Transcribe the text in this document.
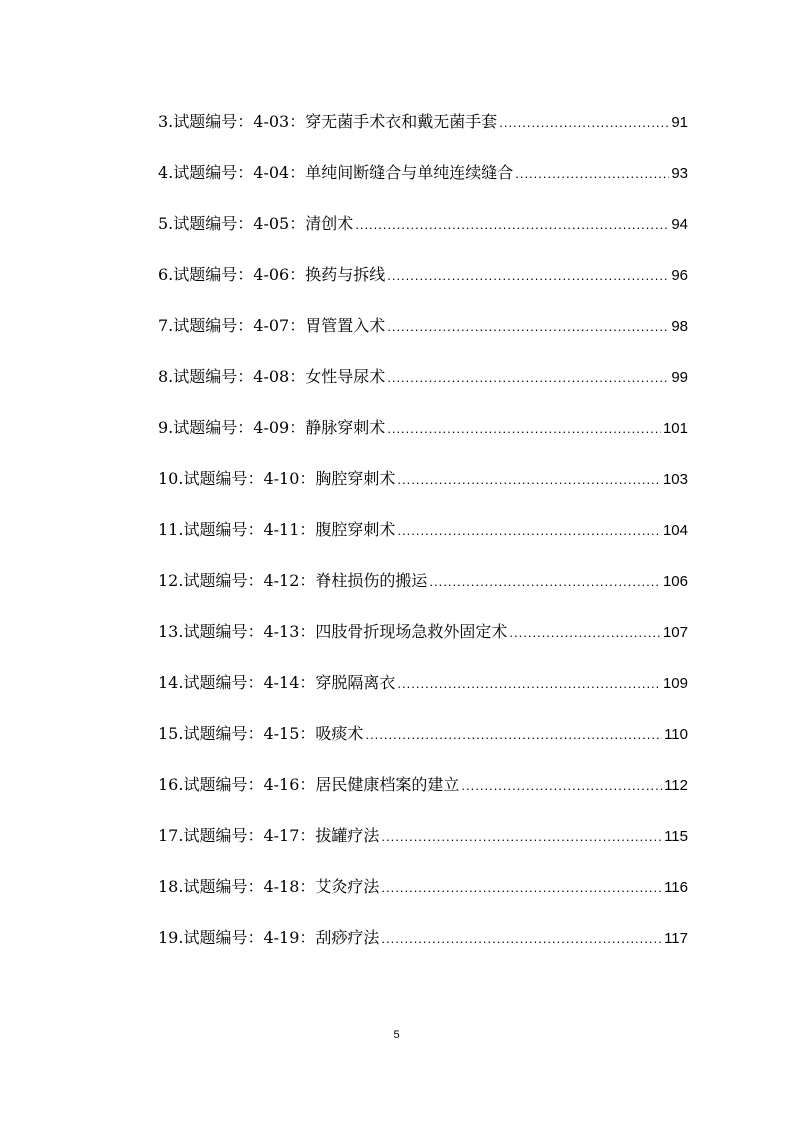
3.试题编号：4-03：穿无菌手术衣和戴无菌手套 .....	91
4.试题编号：4-04：单纯间断缝合与单纯连续缝合 .....	93
5.试题编号：4-05：清创术 .....	94
6.试题编号：4-06：换药与拆线 .....	96
7.试题编号：4-07：胃管置入术 .....	98
8.试题编号：4-08：女性导尿术 .....	99
9.试题编号：4-09：静脉穿刺术 .....	101
10.试题编号：4-10：胸腔穿刺术 .....	103
11.试题编号：4-11：腹腔穿刺术 .....	104
12.试题编号：4-12：脊柱损伤的搬运 .....	106
13.试题编号：4-13：四肢骨折现场急救外固定术 .....	107
14.试题编号：4-14：穿脱隔离衣 .....	109
15.试题编号：4-15：吸痰术 .....	110
16.试题编号：4-16：居民健康档案的建立 .....	112
17.试题编号：4-17：拔罐疗法 .....	115
18.试题编号：4-18：艾灸疗法 .....	116
19.试题编号：4-19：刮痧疗法 .....	117
5
